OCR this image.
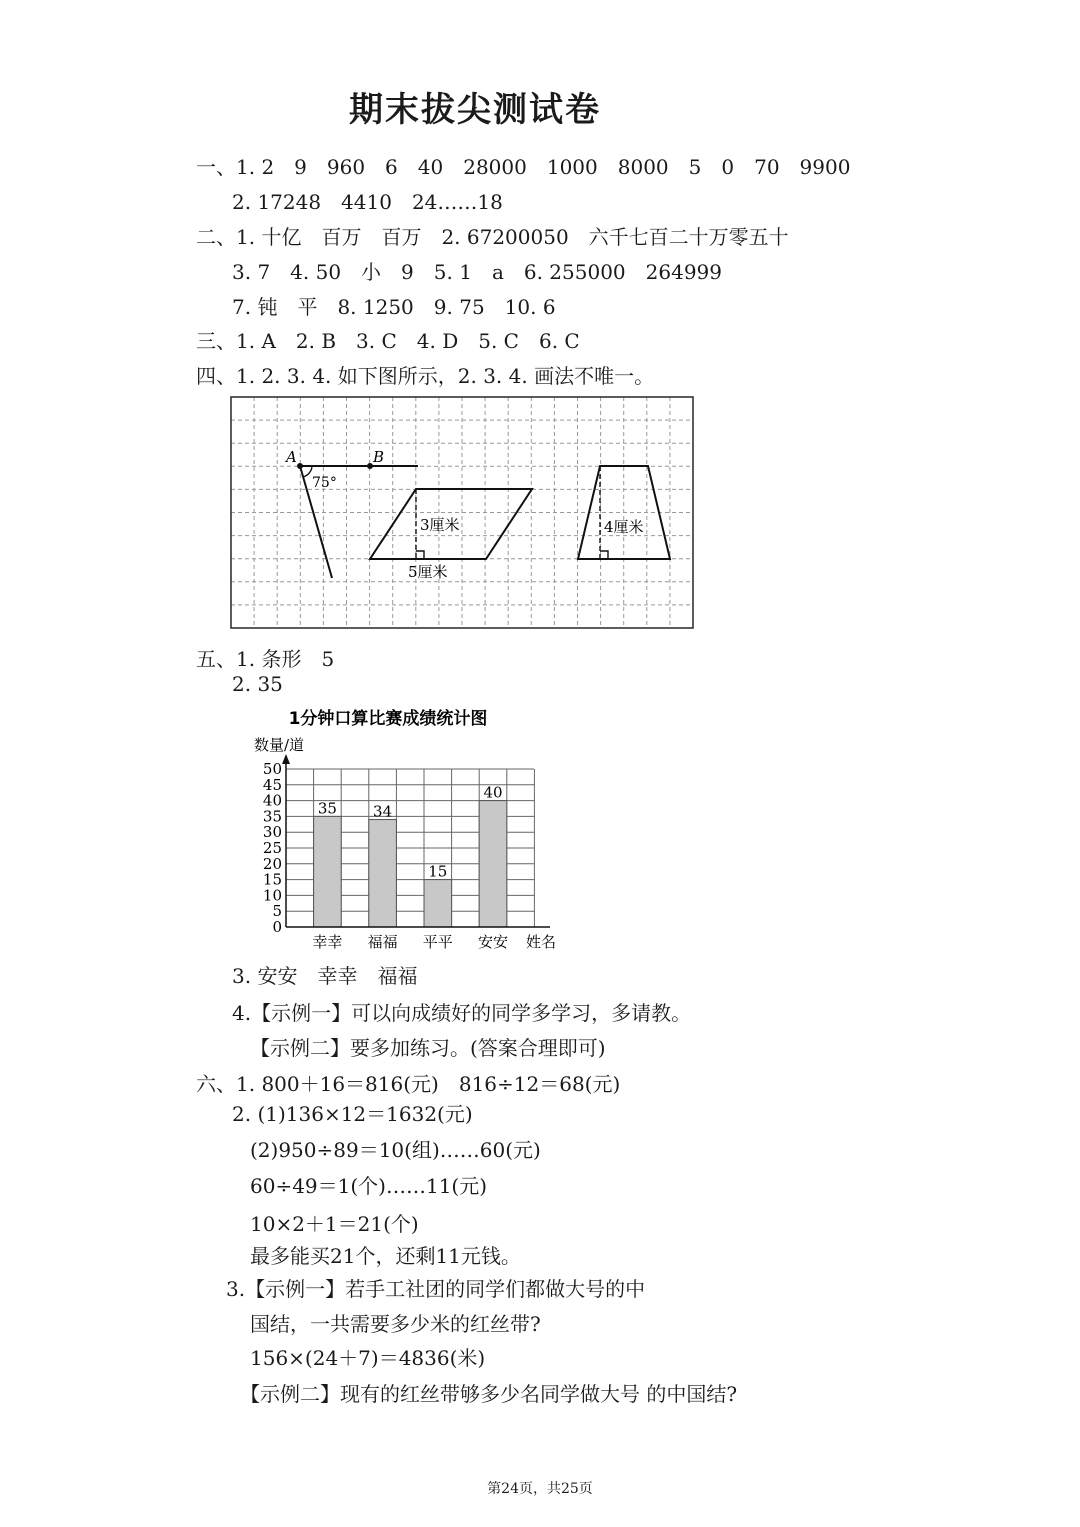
期末拔尖测试卷
一、1. 2　9　960　6　40　28000　1000　8000　5　0　70　9900
2. 17248　4410　24……18
二、1. 十亿　百万　百万　2. 67200050　六千七百二十万零五十
3. 7　4. 50　小　9　5. 1　a　6. 255000　264999
7. 钝　平　8. 1250　9. 75　10. 6
三、1. A　2. B　3. C　4. D　5. C　6. C
四、1. 2. 3. 4. 如下图所示，2. 3. 4. 画法不唯一。
A	B
75°
3厘米
5厘米
4厘米
五、1. 条形　5
2. 35
1分钟口算比赛成绩统计图
数量/道
0
5
10
15
20
25
30
35
40
45
50
幸幸 福福 平平 安安
35 34
15
40
姓名
3. 安安　幸幸　福福
4.【示例一】可以向成绩好的同学多学习，多请教。
【示例二】要多加练习。(答案合理即可)
六、1. 800＋16＝816(元)　816÷12＝68(元)
2. (1)136×12＝1632(元)
(2)950÷89＝10(组)……60(元)
60÷49＝1(个)……11(元)
10×2＋1＝21(个)
最多能买21个，还剩11元钱。
3.【示例一】若手工社团的同学们都做大号的中
国结，一共需要多少米的红丝带?
156×(24＋7)＝4836(米)
【示例二】现有的红丝带够多少名同学做大号 的中国结?
第24页，共25页
